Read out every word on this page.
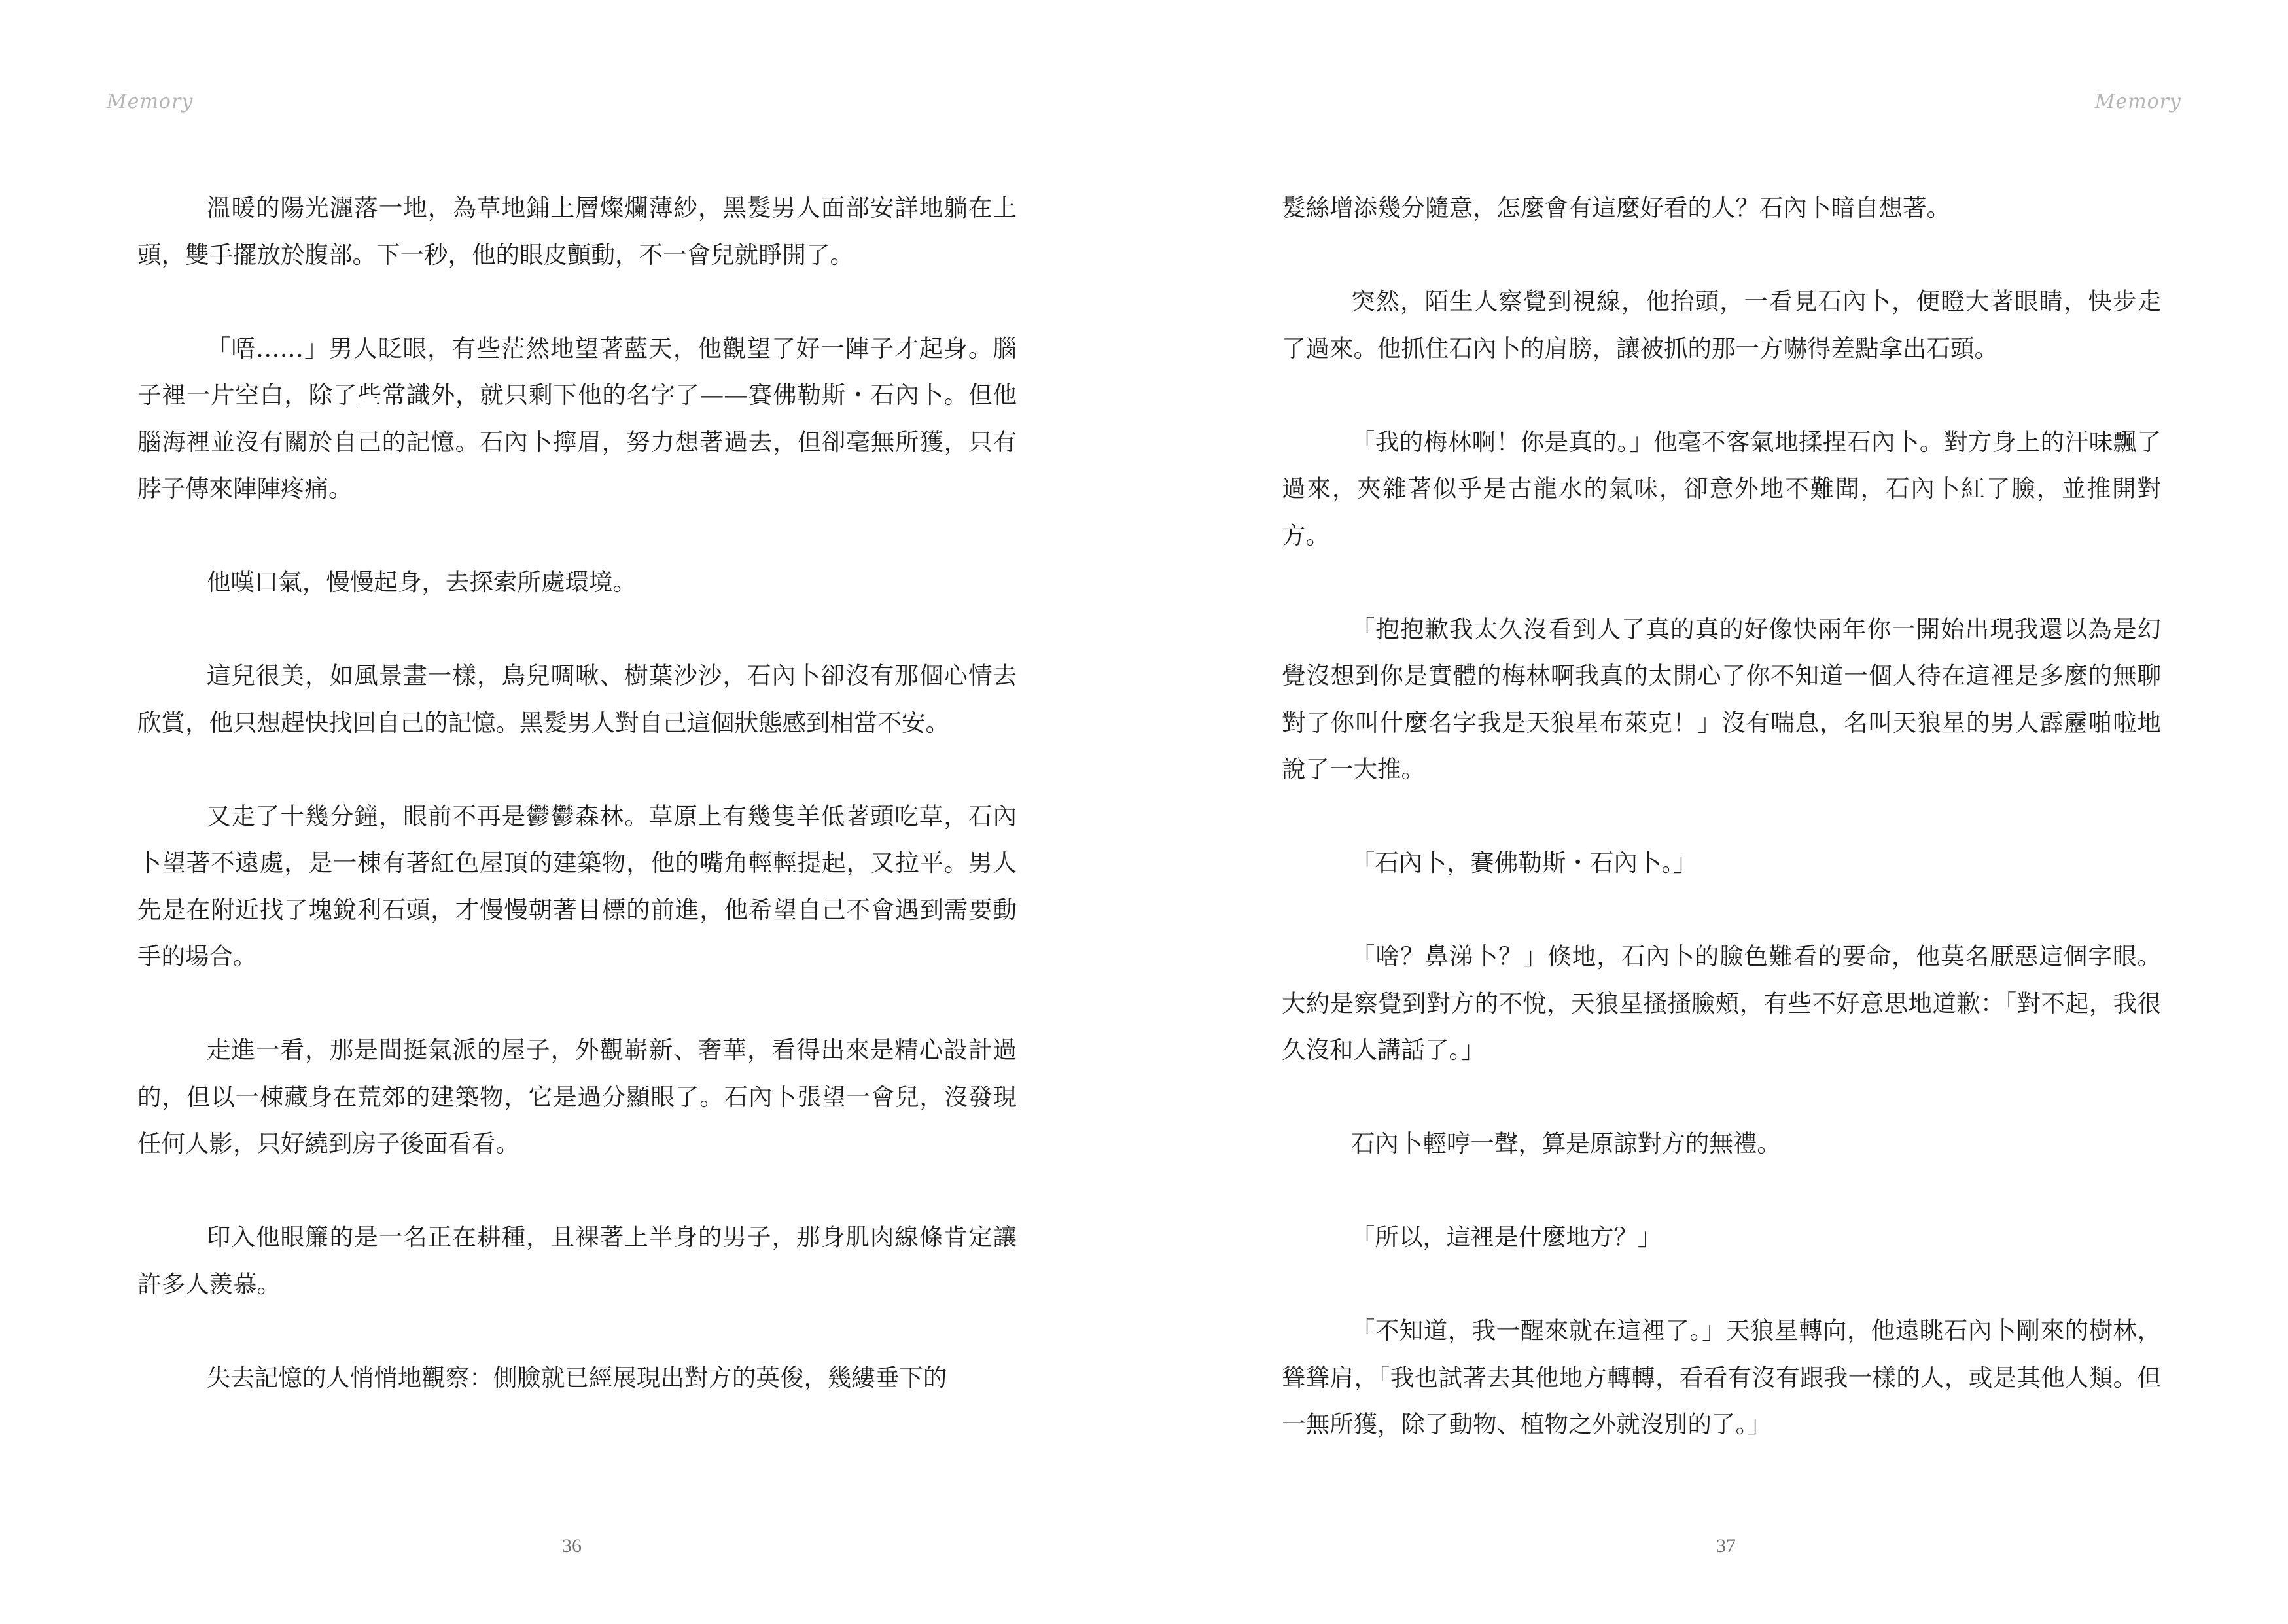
Memory

溫暖的陽光灑落一地，為草地鋪上層燦爛薄紗，黑髮男人面部安詳地躺在上頭，雙手擺放於腹部。下一秒，他的眼皮顫動，不一會兒就睜開了。

「唔……」男人眨眼，有些茫然地望著藍天，他觀望了好一陣子才起身。腦子裡一片空白，除了些常識外，就只剩下他的名字了——賽佛勒斯・石內卜。但他腦海裡並沒有關於自己的記憶。石內卜擰眉，努力想著過去，但卻毫無所獲，只有脖子傳來陣陣疼痛。

他嘆口氣，慢慢起身，去探索所處環境。

這兒很美，如風景畫一樣，鳥兒啁啾、樹葉沙沙，石內卜卻沒有那個心情去欣賞，他只想趕快找回自己的記憶。黑髮男人對自己這個狀態感到相當不安。

又走了十幾分鐘，眼前不再是鬱鬱森林。草原上有幾隻羊低著頭吃草，石內卜望著不遠處，是一棟有著紅色屋頂的建築物，他的嘴角輕輕提起，又拉平。男人先是在附近找了塊銳利石頭，才慢慢朝著目標的前進，他希望自己不會遇到需要動手的場合。

走進一看，那是間挺氣派的屋子，外觀嶄新、奢華，看得出來是精心設計過的，但以一棟藏身在荒郊的建築物，它是過分顯眼了。石內卜張望一會兒，沒發現任何人影，只好繞到房子後面看看。

印入他眼簾的是一名正在耕種，且裸著上半身的男子，那身肌肉線條肯定讓許多人羨慕。

失去記憶的人悄悄地觀察：側臉就已經展現出對方的英俊，幾縷垂下的

36
Memory

髮絲增添幾分隨意，怎麼會有這麼好看的人？石內卜暗自想著。

突然，陌生人察覺到視線，他抬頭，一看見石內卜，便瞪大著眼睛，快步走了過來。他抓住石內卜的肩膀，讓被抓的那一方嚇得差點拿出石頭。

「我的梅林啊！你是真的。」他毫不客氣地揉捏石內卜。對方身上的汗味飄了過來，夾雜著似乎是古龍水的氣味，卻意外地不難聞，石內卜紅了臉，並推開對方。

「抱抱歉我太久沒看到人了真的真的好像快兩年你一開始出現我還以為是幻覺沒想到你是實體的梅林啊我真的太開心了你不知道一個人待在這裡是多麼的無聊對了你叫什麼名字我是天狼星布萊克！」沒有喘息，名叫天狼星的男人霹靂啪啦地說了一大推。

「石內卜，賽佛勒斯・石內卜。」

「啥？鼻涕卜？」倏地，石內卜的臉色難看的要命，他莫名厭惡這個字眼。大約是察覺到對方的不悅，天狼星搔搔臉頰，有些不好意思地道歉：「對不起，我很久沒和人講話了。」

石內卜輕哼一聲，算是原諒對方的無禮。

「所以，這裡是什麼地方？」

「不知道，我一醒來就在這裡了。」天狼星轉向，他遠眺石內卜剛來的樹林，聳聳肩，「我也試著去其他地方轉轉，看看有沒有跟我一樣的人，或是其他人類。但一無所獲，除了動物、植物之外就沒別的了。」

37
